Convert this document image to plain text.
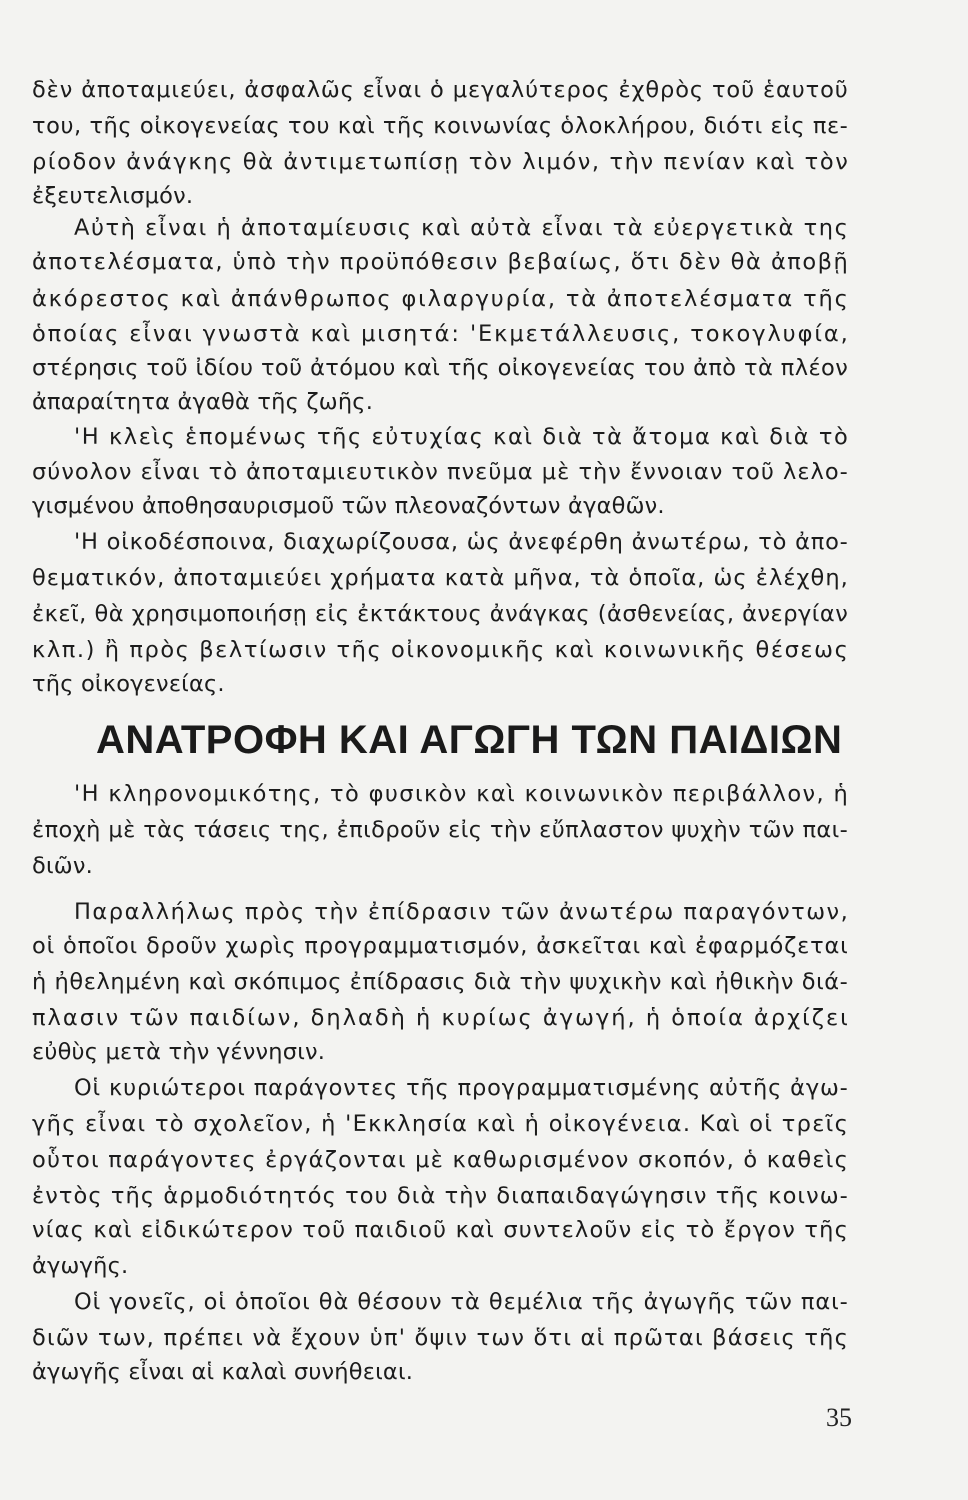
δὲν ἀποταμιεύει, ἀσφαλῶς εἶναι ὁ μεγαλύτερος ἐχθρὸς τοῦ ἑαυτοῦ
του, τῆς οἰκογενείας του καὶ τῆς κοινωνίας ὁλοκλήρου, διότι εἰς πε-
ρίοδον ἀνάγκης θὰ ἀντιμετωπίσῃ τὸν λιμόν, τὴν πενίαν καὶ τὸν
ἐξευτελισμόν.
Αὐτὴ εἶναι ἡ ἀποταμίευσις καὶ αὐτὰ εἶναι τὰ εὐεργετικὰ της
ἀποτελέσματα, ὑπὸ τὴν προϋπόθεσιν βεβαίως, ὅτι δὲν θὰ ἀποβῇ
ἀκόρεστος καὶ ἀπάνθρωπος φιλαργυρία, τὰ ἀποτελέσματα τῆς
ὁποίας εἶναι γνωστὰ καὶ μισητά: 'Εκμετάλλευσις, τοκογλυφία,
στέρησις τοῦ ἰδίου τοῦ ἀτόμου καὶ τῆς οἰκογενείας του ἀπὸ τὰ πλέον
ἀπαραίτητα ἀγαθὰ τῆς ζωῆς.
'Η κλεὶς ἑπομένως τῆς εὐτυχίας καὶ διὰ τὰ ἄτομα καὶ διὰ τὸ
σύνολον εἶναι τὸ ἀποταμιευτικὸν πνεῦμα μὲ τὴν ἔννοιαν τοῦ λελο-
γισμένου ἀποθησαυρισμοῦ τῶν πλεοναζόντων ἀγαθῶν.
'Η οἰκοδέσποινα, διαχωρίζουσα, ὡς ἀνεφέρθη ἀνωτέρω, τὸ ἀπο-
θεματικόν, ἀποταμιεύει χρήματα κατὰ μῆνα, τὰ ὁποῖα, ὡς ἐλέχθη,
ἐκεῖ, θὰ χρησιμοποιήσῃ εἰς ἐκτάκτους ἀνάγκας (ἀσθενείας, ἀνεργίαν
κλπ.) ἢ πρὸς βελτίωσιν τῆς οἰκονομικῆς καὶ κοινωνικῆς θέσεως
τῆς οἰκογενείας.
ΑΝΑΤΡΟΦΗ ΚΑΙ ΑΓΩΓΗ ΤΩΝ ΠΑΙΔΙΩΝ
'Η κληρονομικότης, τὸ φυσικὸν καὶ κοινωνικὸν περιβάλλον, ἡ
ἐποχὴ μὲ τὰς τάσεις της, ἐπιδροῦν εἰς τὴν εὔπλαστον ψυχὴν τῶν παι-
διῶν.
Παραλλήλως πρὸς τὴν ἐπίδρασιν τῶν ἀνωτέρω παραγόντων,
οἱ ὁποῖοι δροῦν χωρὶς προγραμματισμόν, ἀσκεῖται καὶ ἐφαρμόζεται
ἡ ἠθελημένη καὶ σκόπιμος ἐπίδρασις διὰ τὴν ψυχικὴν καὶ ἠθικὴν διά-
πλασιν τῶν παιδίων, δηλαδὴ ἡ κυρίως ἀγωγή, ἡ ὁποία ἀρχίζει
εὐθὺς μετὰ τὴν γέννησιν.
Οἱ κυριώτεροι παράγοντες τῆς προγραμματισμένης αὐτῆς ἀγω-
γῆς εἶναι τὸ σχολεῖον, ἡ 'Εκκλησία καὶ ἡ οἰκογένεια. Καὶ οἱ τρεῖς
οὗτοι παράγοντες ἐργάζονται μὲ καθωρισμένον σκοπόν, ὁ καθεὶς
ἐντὸς τῆς ἁρμοδιότητός του διὰ τὴν διαπαιδαγώγησιν τῆς κοινω-
νίας καὶ εἰδικώτερον τοῦ παιδιοῦ καὶ συντελοῦν εἰς τὸ ἔργον τῆς
ἀγωγῆς.
Οἱ γονεῖς, οἱ ὁποῖοι θὰ θέσουν τὰ θεμέλια τῆς ἀγωγῆς τῶν παι-
διῶν των, πρέπει νὰ ἔχουν ὑπ' ὄψιν των ὅτι αἱ πρῶται βάσεις τῆς
ἀγωγῆς εἶναι αἱ καλαὶ συνήθειαι.
35
